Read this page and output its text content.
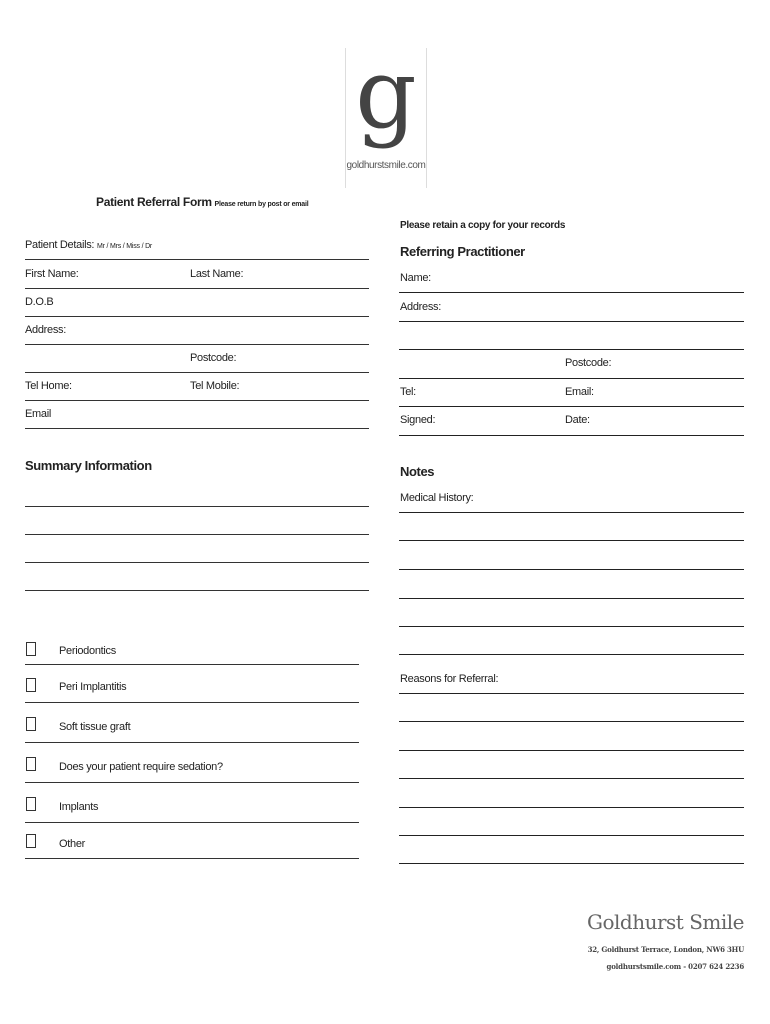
g
goldhurstsmile.com
Patient Referral Form Please return by post or email
Please retain a copy for your records
Patient Details: Mr / Mrs / Miss / Dr
First Name:	Last Name:
D.O.B
Address:
Postcode:
Tel Home:	Tel Mobile:
Email
Summary Information
Periodontics
Peri Implantitis
Soft tissue graft
Does your patient require sedation?
Implants
Other
Referring Practitioner
Name:
Address:
Postcode:
Tel:	Email:
Signed:	Date:
Notes
Medical History:
Reasons for Referral:
Goldhurst Smile
32, Goldhurst Terrace, London, NW6 3HU
goldhurstsmile.com - 0207 624 2236
